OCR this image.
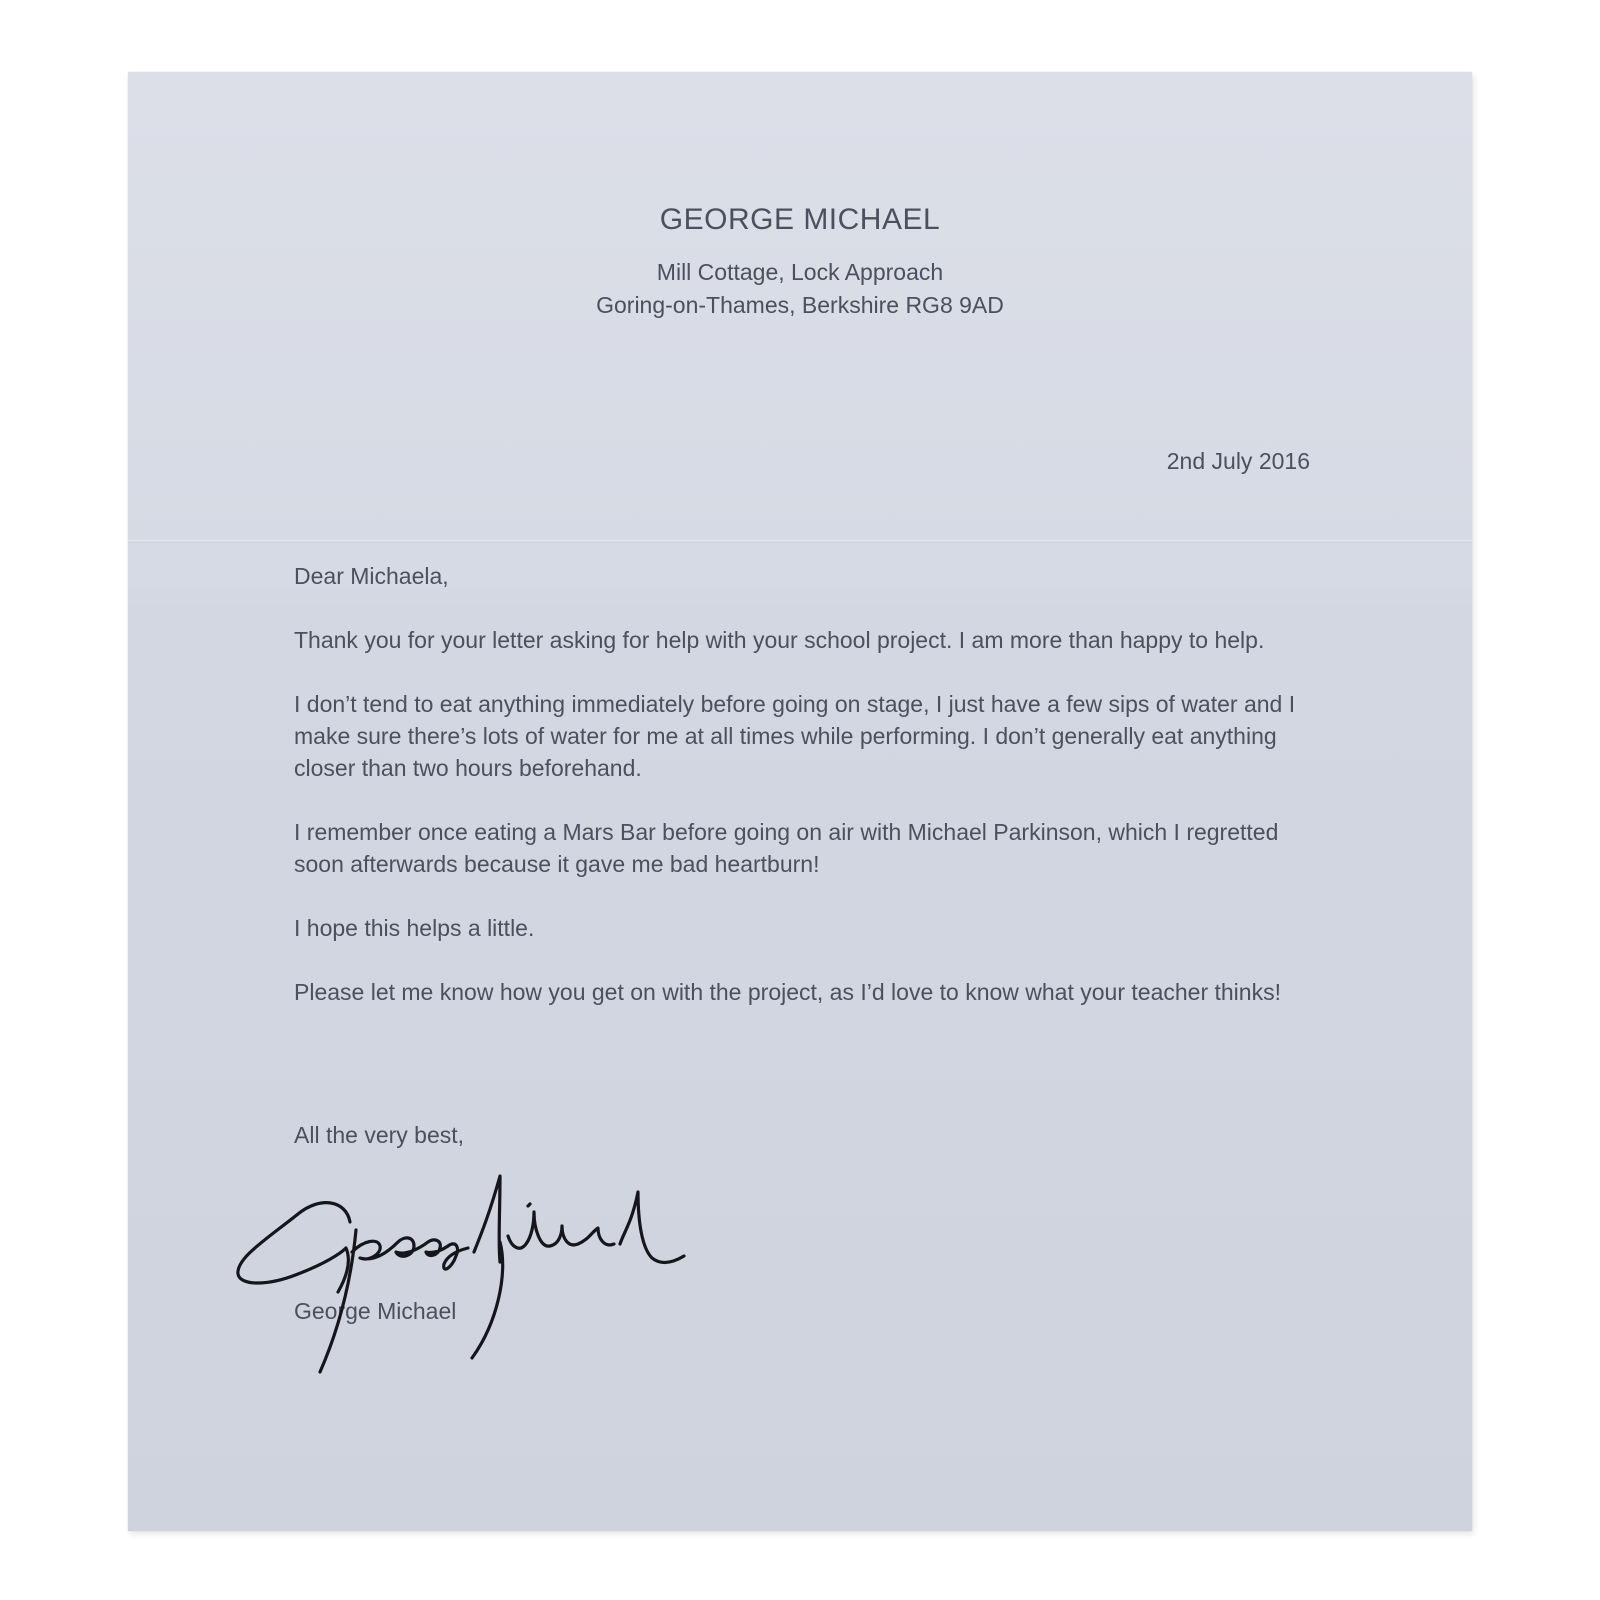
GEORGE MICHAEL

Mill Cottage, Lock Approach
Goring-on-Thames, Berkshire RG8 9AD
2nd July 2016

Dear Michaela,

Thank you for your letter asking for help with your school project. I am more than happy to help.

I don’t tend to eat anything immediately before going on stage, I just have a few sips of water and I make sure there’s lots of water for me at all times while performing. I don’t generally eat anything closer than two hours beforehand.

I remember once eating a Mars Bar before going on air with Michael Parkinson, which I regretted soon afterwards because it gave me bad heartburn!

I hope this helps a little.

Please let me know how you get on with the project, as I’d love to know what your teacher thinks!

All the very best,
George Michael
